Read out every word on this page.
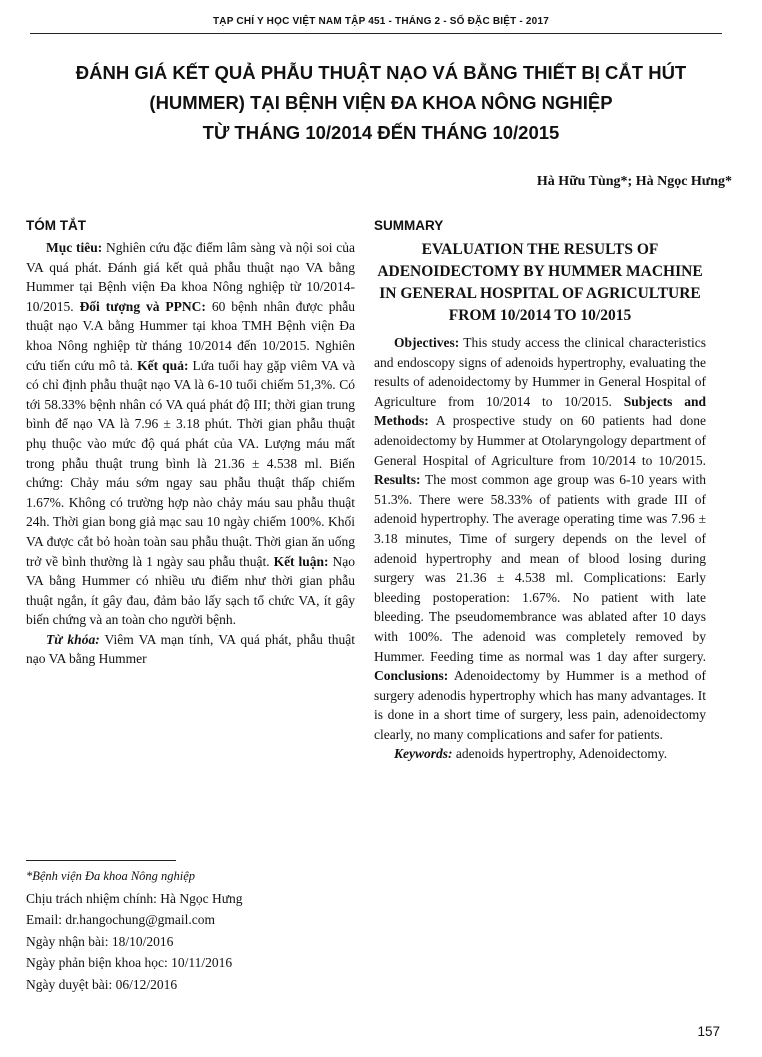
TẠP CHÍ Y HỌC VIỆT NAM TẬP 451 - THÁNG 2 - SỐ ĐẶC BIỆT - 2017
ĐÁNH GIÁ KẾT QUẢ PHẪU THUẬT NẠO VÁ BẰNG THIẾT BỊ CẮT HÚT
(HUMMER) TẠI BỆNH VIỆN ĐA KHOA NÔNG NGHIỆP
TỪ THÁNG 10/2014 ĐẾN THÁNG 10/2015
Hà Hữu Tùng*; Hà Ngọc Hưng*
TÓM TẮT

Mục tiêu: Nghiên cứu đặc điểm lâm sàng và nội soi của VA quá phát. Đánh giá kết quả phẫu thuật nạo VA bằng Hummer tại Bệnh viện Đa khoa Nông nghiệp từ 10/2014-10/2015. Đối tượng và PPNC: 60 bệnh nhân được phẫu thuật nạo V.A bằng Hummer tại khoa TMH Bệnh viện Đa khoa Nông nghiệp từ tháng 10/2014 đến 10/2015. Nghiên cứu tiến cứu mô tả. Kết quả: Lứa tuổi hay gặp viêm VA và có chỉ định phẫu thuật nạo VA là 6-10 tuổi chiếm 51,3%. Có tới 58.33% bệnh nhân có VA quá phát độ III; thời gian trung bình để nạo VA là 7.96 ± 3.18 phút. Thời gian phẫu thuật phụ thuộc vào mức độ quá phát của VA. Lượng máu mất trong phẫu thuật trung bình là 21.36 ± 4.538 ml. Biến chứng: Chảy máu sớm ngay sau phẫu thuật thấp chiếm 1.67%. Không có trường hợp nào chảy máu sau phẫu thuật 24h. Thời gian bong giả mạc sau 10 ngày chiếm 100%. Khối VA được cắt bỏ hoàn toàn sau phẫu thuật. Thời gian ăn uống trở về bình thường là 1 ngày sau phẫu thuật. Kết luận: Nạo VA bằng Hummer có nhiều ưu điểm như thời gian phẫu thuật ngắn, ít gây đau, đảm bảo lấy sạch tổ chức VA, ít gây biến chứng và an toàn cho người bệnh.

Từ khóa: Viêm VA mạn tính, VA quá phát, phẫu thuật nạo VA bằng Hummer

SUMMARY
EVALUATION THE RESULTS OF ADENOIDECTOMY BY HUMMER MACHINE IN GENERAL HOSPITAL OF AGRICULTURE FROM 10/2014 TO 10/2015

Objectives: This study access the clinical characteristics and endoscopy signs of adenoids hypertrophy, evaluating the results of adenoidectomy by Hummer in General Hospital of Agriculture from 10/2014 to 10/2015. Subjects and Methods: A prospective study on 60 patients had done adenoidectomy by Hummer at Otolaryngology department of General Hospital of Agriculture from 10/2014 to 10/2015. Results: The most common age group was 6-10 years with 51.3%. There were 58.33% of patients with grade III of adenoid hypertrophy. The average operating time was 7.96 ± 3.18 minutes, Time of surgery depends on the level of adenoid hypertrophy and mean of blood losing during surgery was 21.36 ± 4.538 ml. Complications: Early bleeding postoperation: 1.67%. No patient with late bleeding. The pseudomembrance was ablated after 10 days with 100%. The adenoid was completely removed by Hummer. Feeding time as normal was 1 day after surgery. Conclusions: Adenoidectomy by Hummer is a method of surgery adenodis hypertrophy which has many advantages. It is done in a short time of surgery, less pain, adenoidectomy clearly, no many complications and safer for patients.

Keywords: adenoids hypertrophy, Adenoidectomy.

*Bệnh viện Đa khoa Nông nghiệp
Chịu trách nhiệm chính: Hà Ngọc Hưng
Email: dr.hangochung@gmail.com
Ngày nhận bài: 18/10/2016
Ngày phản biện khoa học: 10/11/2016
Ngày duyệt bài: 06/12/2016
157
